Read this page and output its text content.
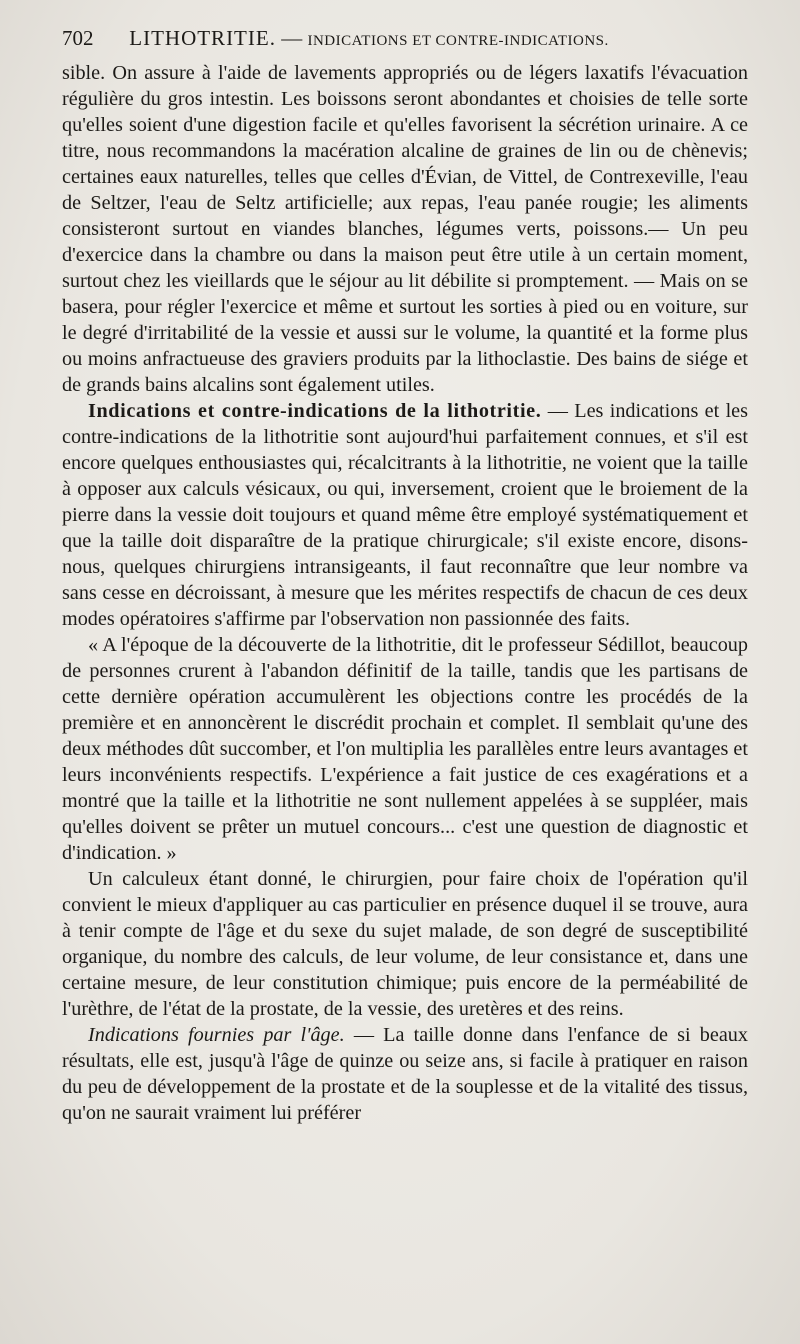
702 LITHOTRITIE. — INDICATIONS ET CONTRE-INDICATIONS.

sible. On assure à l'aide de lavements appropriés ou de légers laxatifs l'évacuation régulière du gros intestin. Les boissons seront abondantes et choisies de telle sorte qu'elles soient d'une digestion facile et qu'elles favorisent la sécrétion urinaire. A ce titre, nous recommandons la macération alcaline de graines de lin ou de chènevis; certaines eaux naturelles, telles que celles d'Évian, de Vittel, de Contrexeville, l'eau de Seltzer, l'eau de Seltz artificielle; aux repas, l'eau panée rougie; les aliments consisteront surtout en viandes blanches, légumes verts, poissons.— Un peu d'exercice dans la chambre ou dans la maison peut être utile à un certain moment, surtout chez les vieillards que le séjour au lit débilite si promptement. — Mais on se basera, pour régler l'exercice et même et surtout les sorties à pied ou en voiture, sur le degré d'irritabilité de la vessie et aussi sur le volume, la quantité et la forme plus ou moins anfractueuse des graviers produits par la lithoclastie. Des bains de siége et de grands bains alcalins sont également utiles.

Indications et contre-indications de la lithotritie. — Les indications et les contre-indications de la lithotritie sont aujourd'hui parfaitement connues, et s'il est encore quelques enthousiastes qui, récalcitrants à la lithotritie, ne voient que la taille à opposer aux calculs vésicaux, ou qui, inversement, croient que le broiement de la pierre dans la vessie doit toujours et quand même être employé systématiquement et que la taille doit disparaître de la pratique chirurgicale; s'il existe encore, disons-nous, quelques chirurgiens intransigeants, il faut reconnaître que leur nombre va sans cesse en décroissant, à mesure que les mérites respectifs de chacun de ces deux modes opératoires s'affirme par l'observation non passionnée des faits.

« A l'époque de la découverte de la lithotritie, dit le professeur Sédillot, beaucoup de personnes crurent à l'abandon définitif de la taille, tandis que les partisans de cette dernière opération accumulèrent les objections contre les procédés de la première et en annoncèrent le discrédit prochain et complet. Il semblait qu'une des deux méthodes dût succomber, et l'on multiplia les parallèles entre leurs avantages et leurs inconvénients respectifs. L'expérience a fait justice de ces exagérations et a montré que la taille et la lithotritie ne sont nullement appelées à se suppléer, mais qu'elles doivent se prêter un mutuel concours... c'est une question de diagnostic et d'indication. »

Un calculeux étant donné, le chirurgien, pour faire choix de l'opération qu'il convient le mieux d'appliquer au cas particulier en présence duquel il se trouve, aura à tenir compte de l'âge et du sexe du sujet malade, de son degré de susceptibilité organique, du nombre des calculs, de leur volume, de leur consistance et, dans une certaine mesure, de leur constitution chimique; puis encore de la perméabilité de l'urèthre, de l'état de la prostate, de la vessie, des uretères et des reins.

Indications fournies par l'âge. — La taille donne dans l'enfance de si beaux résultats, elle est, jusqu'à l'âge de quinze ou seize ans, si facile à pratiquer en raison du peu de développement de la prostate et de la souplesse et de la vitalité des tissus, qu'on ne saurait vraiment lui préférer
